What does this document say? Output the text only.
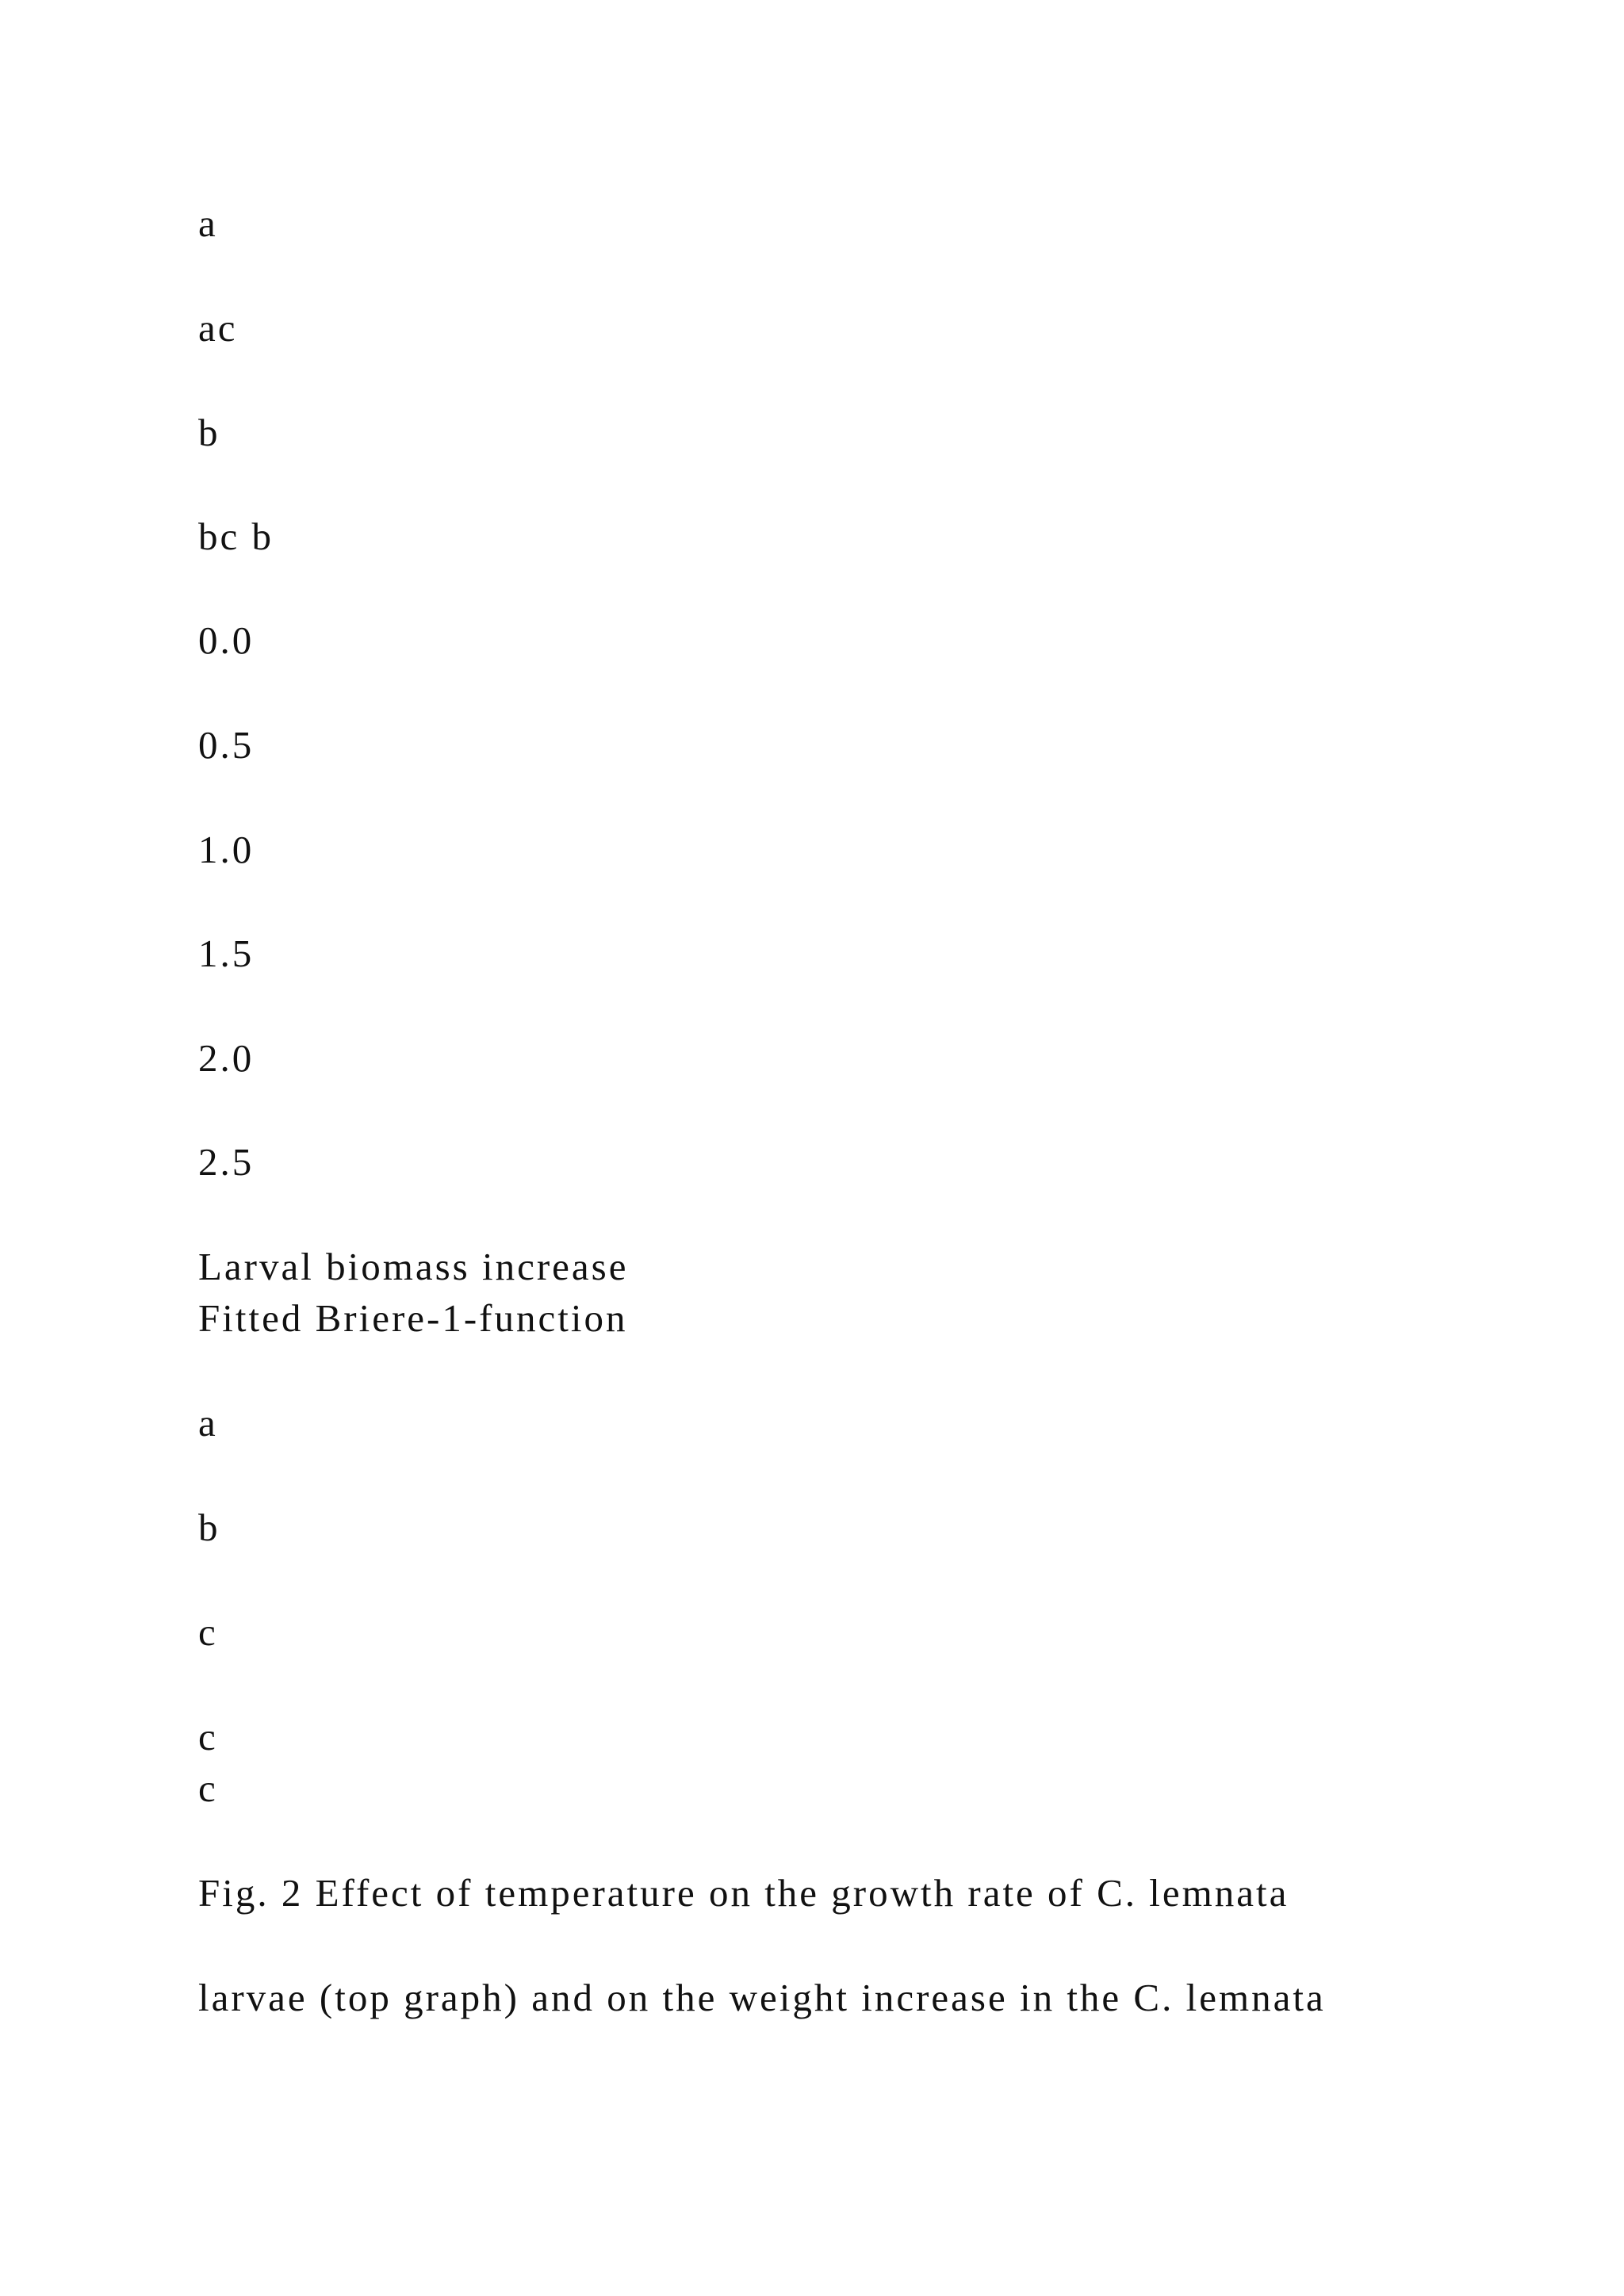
a
ac
b
bc b
0.0
0.5
1.0
1.5
2.0
2.5
Larval biomass increase
Fitted Briere-1-function
a
b
c
c
c
Fig. 2 Effect of temperature on the growth rate of C. lemnata
larvae (top graph) and on the weight increase in the C. lemnata
